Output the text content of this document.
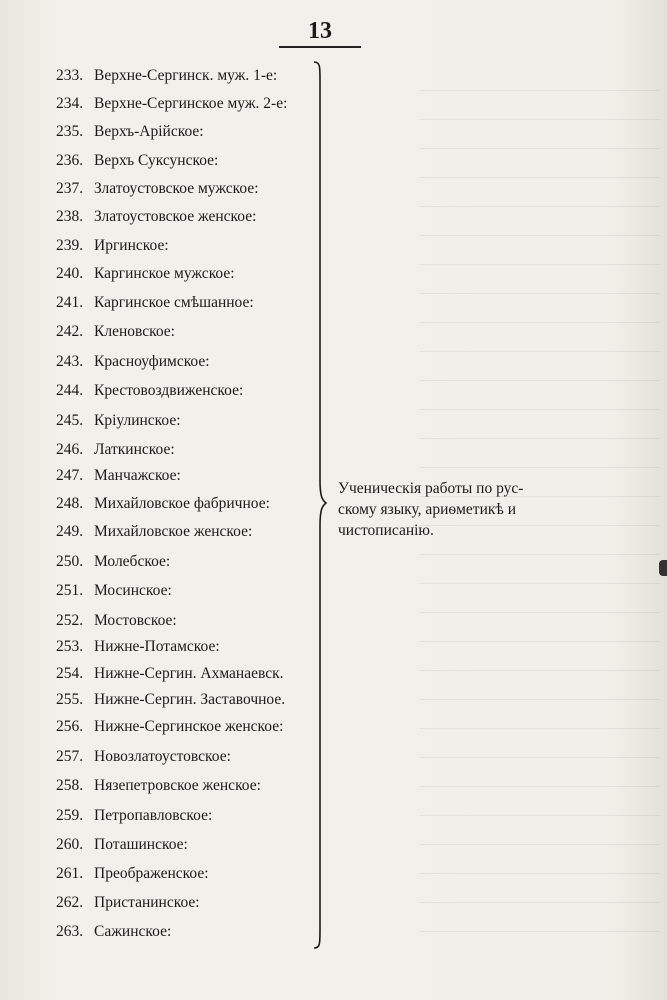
13
233. Верхне-Сергинск. муж. 1-е:
234. Верхне-Сергинское муж. 2-е:
235. Верхъ-Арійское:
236. Верхъ Суксунское:
237. Златоустовское мужское:
238. Златоустовское женское:
239. Иргинское:
240. Каргинское мужское:
241. Каргинское смѣшанное:
242. Кленовское:
243. Красноуфимское:
244. Крестовоздвиженское:
245. Кріулинское:
246. Латкинское:
247. Манчажское:
248. Михайловское фабричное:
249. Михайловское женское:
250. Молебское:
251. Мосинское:
252. Мостовское:
253. Нижне-Потамское:
254. Нижне-Сергин. Ахманаевск.
255. Нижне-Сергин. Заставочное.
256. Нижне-Сергинское женское:
257. Новозлатоустовское:
258. Нязепетровское женское:
259. Петропавловское:
260. Поташинское:
261. Преображенское:
262. Пристанинское:
263. Сажинское:
Ученическія работы по рус-
скому языку, ариѳметикѣ и
чистописанію.
